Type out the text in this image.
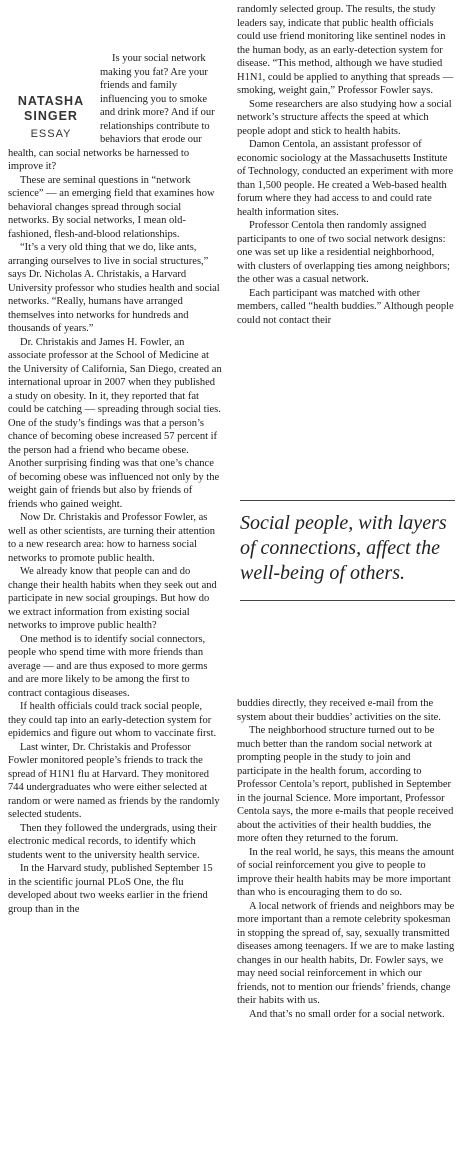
NATASHA
SINGER
ESSAY

Is your social network making you fat? Are your friends and family influencing you to smoke and drink more? And if our relationships contribute to behaviors that erode our health, can social networks be harnessed to improve it?

These are seminal questions in “network science” — an emerging field that examines how behavioral changes spread through social networks. By social networks, I mean old-fashioned, flesh-and-blood relationships.

“It’s a very old thing that we do, like ants, arranging ourselves to live in social structures,” says Dr. Nicholas A. Christakis, a Harvard University professor who studies health and social networks. “Really, humans have arranged themselves into networks for hundreds and thousands of years.”

Dr. Christakis and James H. Fowler, an associate professor at the School of Medicine at the University of California, San Diego, created an international uproar in 2007 when they published a study on obesity. In it, they reported that fat could be catching — spreading through social ties. One of the study’s findings was that a person’s chance of becoming obese increased 57 percent if the person had a friend who became obese. Another surprising finding was that one’s chance of becoming obese was influenced not only by the weight gain of friends but also by friends of friends who gained weight.

Now Dr. Christakis and Professor Fowler, as well as other scientists, are turning their attention to a new research area: how to harness social networks to promote public health.

We already know that people can and do change their health habits when they seek out and participate in new social groupings. But how do we extract information from existing social networks to improve public health?

One method is to identify social connectors, people who spend time with more friends than average — and are thus exposed to more germs and are more likely to be among the first to contract contagious diseases.

If health officials could track social people, they could tap into an early-detection system for epidemics and figure out whom to vaccinate first.

Last winter, Dr. Christakis and Professor Fowler monitored people’s friends to track the spread of H1N1 flu at Harvard. They monitored 744 undergraduates who were either selected at random or were named as friends by the randomly selected students.

Then they followed the undergrads, using their electronic medical records, to identify which students went to the university health service.

In the Harvard study, published September 15 in the scientific journal PLoS One, the flu developed about two weeks earlier in the friend group than in the

randomly selected group. The results, the study leaders say, indicate that public health officials could use friend monitoring like sentinel nodes in the human body, as an early-detection system for disease. “This method, although we have studied H1N1, could be applied to anything that spreads — smoking, weight gain,” Professor Fowler says.

Some researchers are also studying how a social network’s structure affects the speed at which people adopt and stick to health habits.

Damon Centola, an assistant professor of economic sociology at the Massachusetts Institute of Technology, conducted an experiment with more than 1,500 people. He created a Web-based health forum where they had access to and could rate health information sites.

Professor Centola then randomly assigned participants to one of two social network designs: one was set up like a residential neighborhood, with clusters of overlapping ties among neighbors; the other was a casual network.

Each participant was matched with other members, called “health buddies.” Although people could not contact their

Social people, with layers of connections, affect the well-being of others.

buddies directly, they received e-mail from the system about their buddies’ activities on the site.

The neighborhood structure turned out to be much better than the random social network at prompting people in the study to join and participate in the health forum, according to Professor Centola’s report, published in September in the journal Science. More important, Professor Centola says, the more e-mails that people received about the activities of their health buddies, the more often they returned to the forum.

In the real world, he says, this means the amount of social reinforcement you give to people to improve their health habits may be more important than who is encouraging them to do so.

A local network of friends and neighbors may be more important than a remote celebrity spokesman in stopping the spread of, say, sexually transmitted diseases among teenagers. If we are to make lasting changes in our health habits, Dr. Fowler says, we may need social reinforcement in which our friends, not to mention our friends’ friends, change their habits with us.

And that’s no small order for a social network.
